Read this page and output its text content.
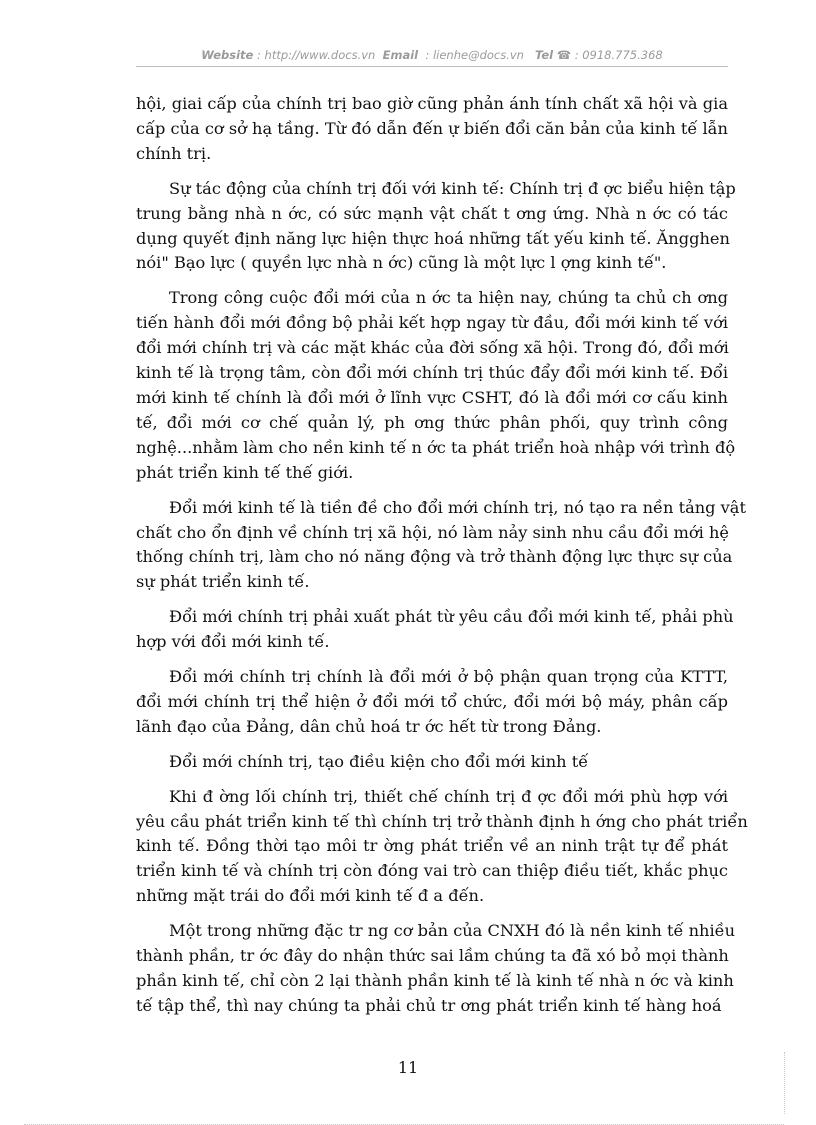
Website : http://www.docs.vn Email : lienhe@docs.vn Tel ☎ : 0918.775.368
hội, giai cấp của chính trị bao giờ cũng phản ánh tính chất xã hội và gia
cấp của cơ sở hạ tầng. Từ đó dẫn đến ự biến đổi căn bản của kinh tế lẫn
chính trị.
Sự tác động của chính trị đối với kinh tế: Chính trị đ ợc biểu hiện tập
trung bằng nhà n ớc, có sức mạnh vật chất t ơng ứng. Nhà n ớc có tác
dụng quyết định năng lực hiện thực hoá những tất yếu kinh tế. Ăngghen
nói" Bạo lực ( quyền lực nhà n ớc) cũng là một lực l ợng kinh tế".
Trong công cuộc đổi mới của n ớc ta hiện nay, chúng ta chủ ch ơng
tiến hành đổi mới đồng bộ phải kết hợp ngay từ đầu, đổi mới kinh tế với
đổi mới chính trị và các mặt khác của đời sống xã hội. Trong đó, đổi mới
kinh tế là trọng tâm, còn đổi mới chính trị thúc đẩy đổi mới kinh tế. Đổi
mới kinh tế chính là đổi mới ở lĩnh vực CSHT, đó là đổi mới cơ cấu kinh
tế, đổi mới cơ chế quản lý, ph ơng thức phân phối, quy trình công
nghệ...nhằm làm cho nền kinh tế n ớc ta phát triển hoà nhập với trình độ
phát triển kinh tế thế giới.
Đổi mới kinh tế là tiền đề cho đổi mới chính trị, nó tạo ra nền tảng vật
chất cho ổn định về chính trị xã hội, nó làm nảy sinh nhu cầu đổi mới hệ
thống chính trị, làm cho nó năng động và trở thành động lực thực sự của
sự phát triển kinh tế.
Đổi mới chính trị phải xuất phát từ yêu cầu đổi mới kinh tế, phải phù
hợp với đổi mới kinh tế.
Đổi mới chính trị chính là đổi mới ở bộ phận quan trọng của KTTT,
đổi mới chính trị thể hiện ở đổi mới tổ chức, đổi mới bộ máy, phân cấp
lãnh đạo của Đảng, dân chủ hoá tr ớc hết từ trong Đảng.
Đổi mới chính trị, tạo điều kiện cho đổi mới kinh tế
Khi đ ờng lối chính trị, thiết chế chính trị đ ợc đổi mới phù hợp với
yêu cầu phát triển kinh tế thì chính trị trở thành định h ớng cho phát triển
kinh tế. Đồng thời tạo môi tr ờng phát triển về an ninh trật tự để phát
triển kinh tế và chính trị còn đóng vai trò can thiệp điều tiết, khắc phục
những mặt trái do đổi mới kinh tế đ a đến.
Một trong những đặc tr ng cơ bản của CNXH đó là nền kinh tế nhiều
thành phần, tr ớc đây do nhận thức sai lầm chúng ta đã xó bỏ mọi thành
phần kinh tế, chỉ còn 2 lại thành phần kinh tế là kinh tế nhà n ớc và kinh
tế tập thể, thì nay chúng ta phải chủ tr ơng phát triển kinh tế hàng hoá
11
